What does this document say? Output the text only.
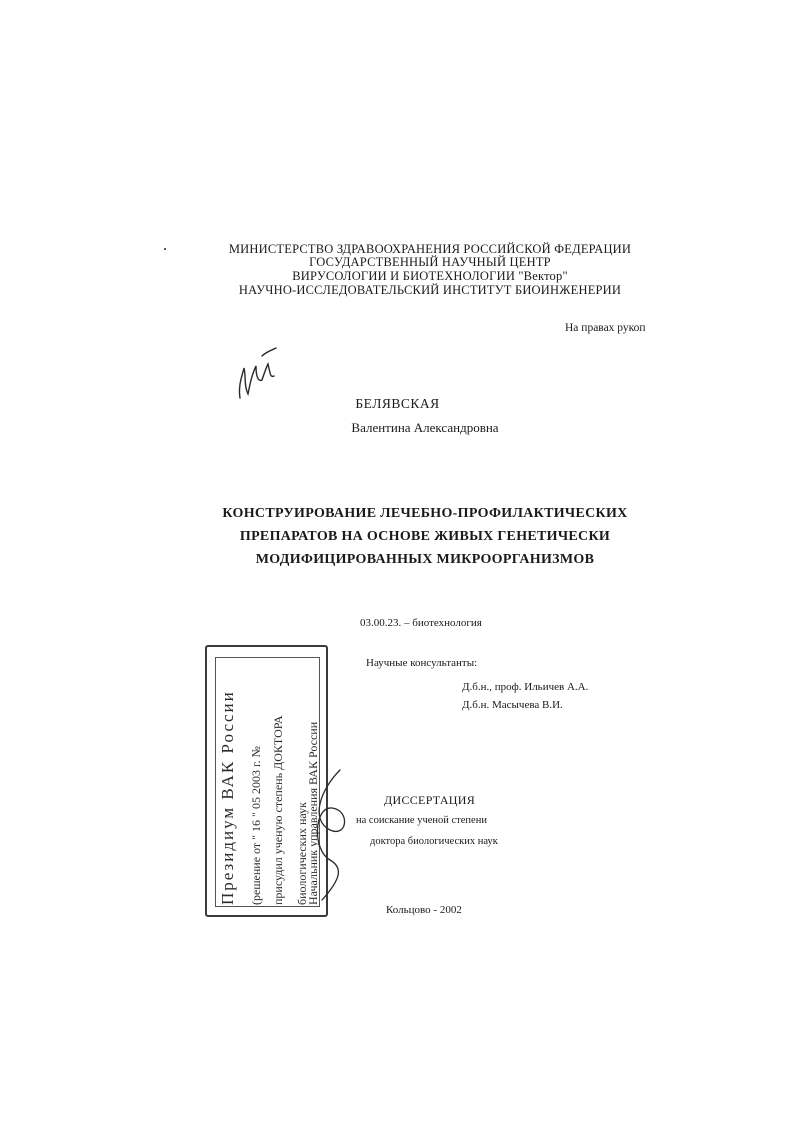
МИНИСТЕРСТВО ЗДРАВООХРАНЕНИЯ РОССИЙСКОЙ ФЕДЕРАЦИИ
ГОСУДАРСТВЕННЫЙ НАУЧНЫЙ ЦЕНТР
ВИРУСОЛОГИИ И БИОТЕХНОЛОГИИ "Вектор"
НАУЧНО-ИССЛЕДОВАТЕЛЬСКИЙ ИНСТИТУТ БИОИНЖЕНЕРИИ
На правах рукоп
БЕЛЯВСКАЯ
Валентина Александровна
КОНСТРУИРОВАНИЕ ЛЕЧЕБНО-ПРОФИЛАКТИЧЕСКИХ
ПРЕПАРАТОВ НА ОСНОВЕ ЖИВЫХ ГЕНЕТИЧЕСКИ
МОДИФИЦИРОВАННЫХ МИКРООРГАНИЗМОВ
03.00.23. – биотехнология
Научные консультанты:
Д.б.н., проф. Ильичев А.А.
Д.б.н. Масычева В.И.
ДИССЕРТАЦИЯ
на соискание ученой степени
доктора биологических наук
Кольцово - 2002
Президиум ВАК России (решение от " 16 " 05 2003 г. № присудил ученую степень ДОКТОРА биологических наук
Начальник управления ВАК России
